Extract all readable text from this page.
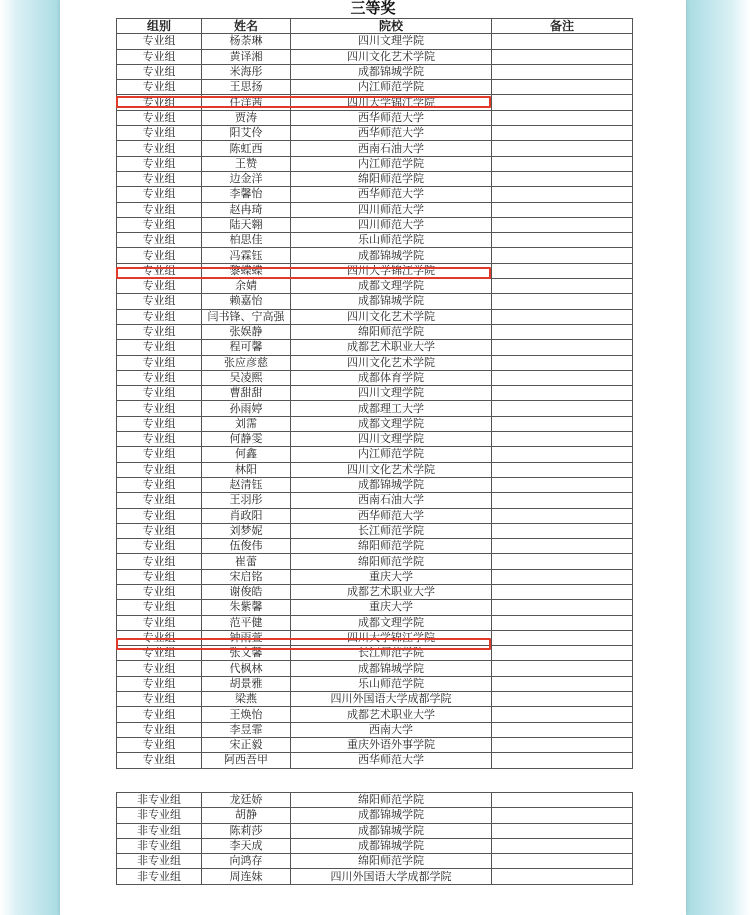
三等奖
组别	姓名	院校	备注
专业组	杨荼琳	四川文理学院	
专业组	黄译湘	四川文化艺术学院	
专业组	米海彤	成都锦城学院	
专业组	王思扬	内江师范学院	
专业组	任洋茜	四川大学锦江学院	
专业组	贾涛	西华师范大学	
专业组	阳艾伶	西华师范大学	
专业组	陈虹西	西南石油大学	
专业组	王赞	内江师范学院	
专业组	边金洋	绵阳师范学院	
专业组	李馨怡	西华师范大学	
专业组	赵冉琦	四川师范大学	
专业组	陆天翱	四川师范大学	
专业组	柏思佳	乐山师范学院	
专业组	冯霖钰	成都锦城学院	
专业组	黎蝶蝶	四川大学锦江学院	
专业组	余婧	成都文理学院	
专业组	赖嘉怡	成都锦城学院	
专业组	闫书锋、宁高强	四川文化艺术学院	
专业组	张娱静	绵阳师范学院	
专业组	程可馨	成都艺术职业大学	
专业组	张应彦慈	四川文化艺术学院	
专业组	吴凌熙	成都体育学院	
专业组	曹甜甜	四川文理学院	
专业组	孙雨婷	成都理工大学	
专业组	刘霈	成都文理学院	
专业组	何静雯	四川文理学院	
专业组	何鑫	内江师范学院	
专业组	林阳	四川文化艺术学院	
专业组	赵清钰	成都锦城学院	
专业组	王羽彤	西南石油大学	
专业组	肖政阳	西华师范大学	
专业组	刘梦妮	长江师范学院	
专业组	伍俊伟	绵阳师范学院	
专业组	崔蕾	绵阳师范学院	
专业组	宋启铭	重庆大学	
专业组	谢俊皓	成都艺术职业大学	
专业组	朱紫馨	重庆大学	
专业组	范平健	成都文理学院	
专业组	钟雨萱	四川大学锦江学院	
专业组	张文馨	长江师范学院	
专业组	代枫林	成都锦城学院	
专业组	胡景雅	乐山师范学院	
专业组	梁燕	四川外国语大学成都学院	
专业组	王焕怡	成都艺术职业大学	
专业组	李昱霏	西南大学	
专业组	宋正毅	重庆外语外事学院	
专业组	阿西吾甲	西华师范大学	
非专业组	龙廷娇	绵阳师范学院	
非专业组	胡静	成都锦城学院	
非专业组	陈莉莎	成都锦城学院	
非专业组	李天成	成都锦城学院	
非专业组	向鸿存	绵阳师范学院	
非专业组	周连妹	四川外国语大学成都学院	
